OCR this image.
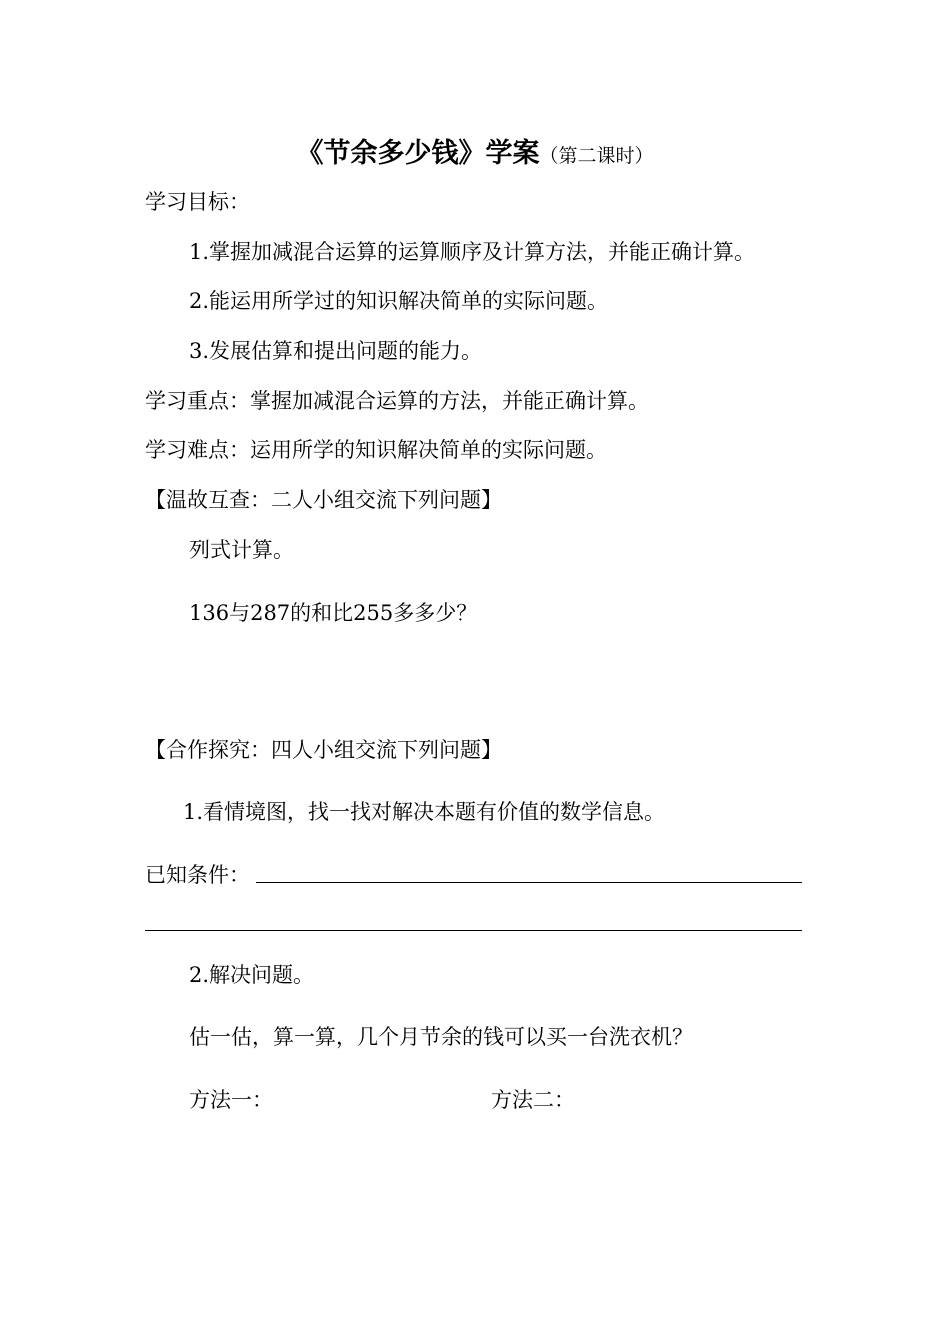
《节余多少钱》学案（第二课时）
学习目标：
1.掌握加减混合运算的运算顺序及计算方法，并能正确计算。
2.能运用所学过的知识解决简单的实际问题。
3.发展估算和提出问题的能力。
学习重点：掌握加减混合运算的方法，并能正确计算。
学习难点：运用所学的知识解决简单的实际问题。
【温故互查：二人小组交流下列问题】
列式计算。
136与287的和比255多多少？
【合作探究：四人小组交流下列问题】
1.看情境图，找一找对解决本题有价值的数学信息。
已知条件：
2.解决问题。
估一估，算一算，几个月节余的钱可以买一台洗衣机？
方法一：	方法二：
